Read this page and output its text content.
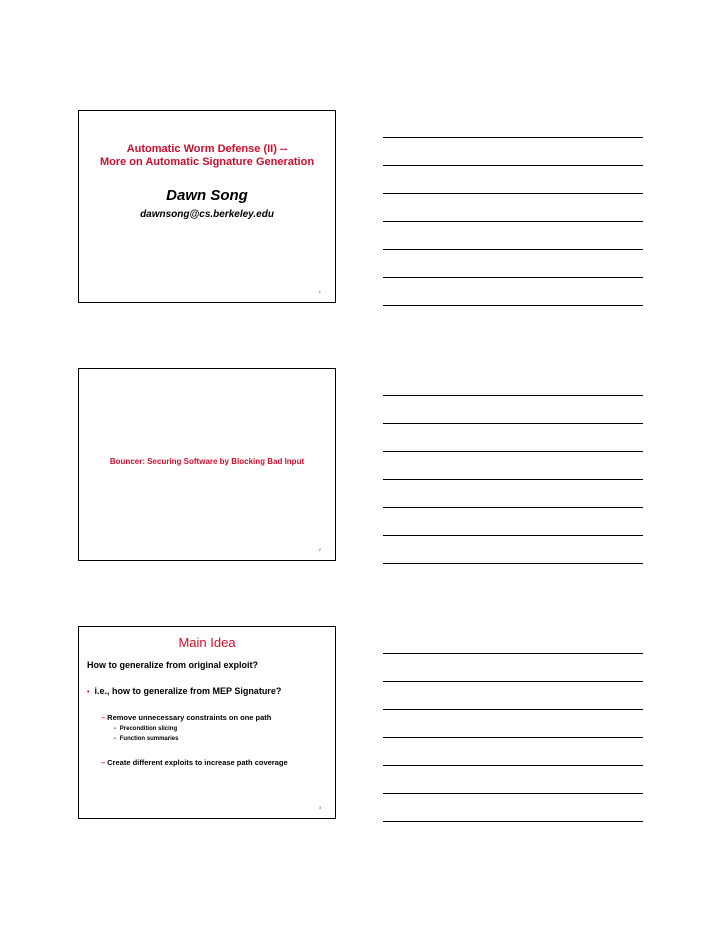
Automatic Worm Defense (II) --
More on Automatic Signature Generation
Dawn Song
dawnsong@cs.berkeley.edu
1
Bouncer: Securing Software by Blocking Bad Input
2
Main Idea
How to generalize from original exploit?
• i.e., how to generalize from MEP Signature?
– Remove unnecessary constraints on one path
• Precondition slicing
• Function summaries
– Create different exploits to increase path coverage
3
